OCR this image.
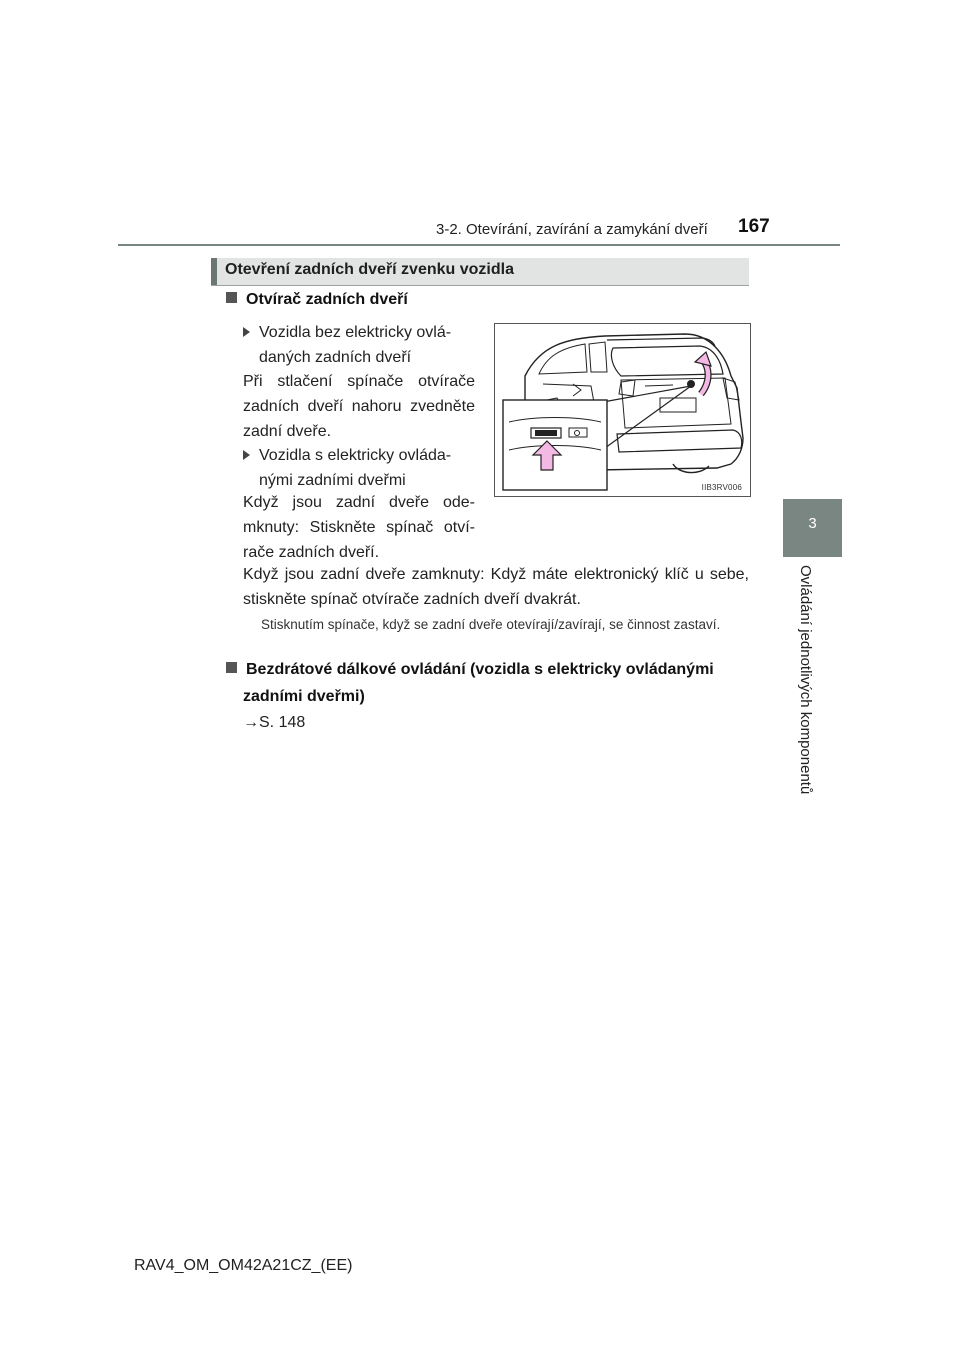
3-2. Otevírání, zavírání a zamykání dveří 167
3
Ovládání jednotlivých komponentů
Otevření zadních dveří zvenku vozidla
Otvírač zadních dveří
Vozidla bez elektricky ovlá-
daných zadních dveří
Při stlačení spínače otvírače zadních dveří nahoru zvedněte zadní dveře.
Vozidla s elektricky ovláda-
nými zadními dveřmi
Když jsou zadní dveře ode-mknuty: Stiskněte spínač otví-rače zadních dveří.
Když jsou zadní dveře zamknuty: Když máte elektronický klíč u sebe, stiskněte spínač otvírače zadních dveří dvakrát.
Stisknutím spínače, když se zadní dveře otevírají/zavírají, se činnost zastaví.
IIB3RV006
Bezdrátové dálkové ovládání (vozidla s elektricky ovládanými
zadními dveřmi)
→S. 148
RAV4_OM_OM42A21CZ_(EE)
